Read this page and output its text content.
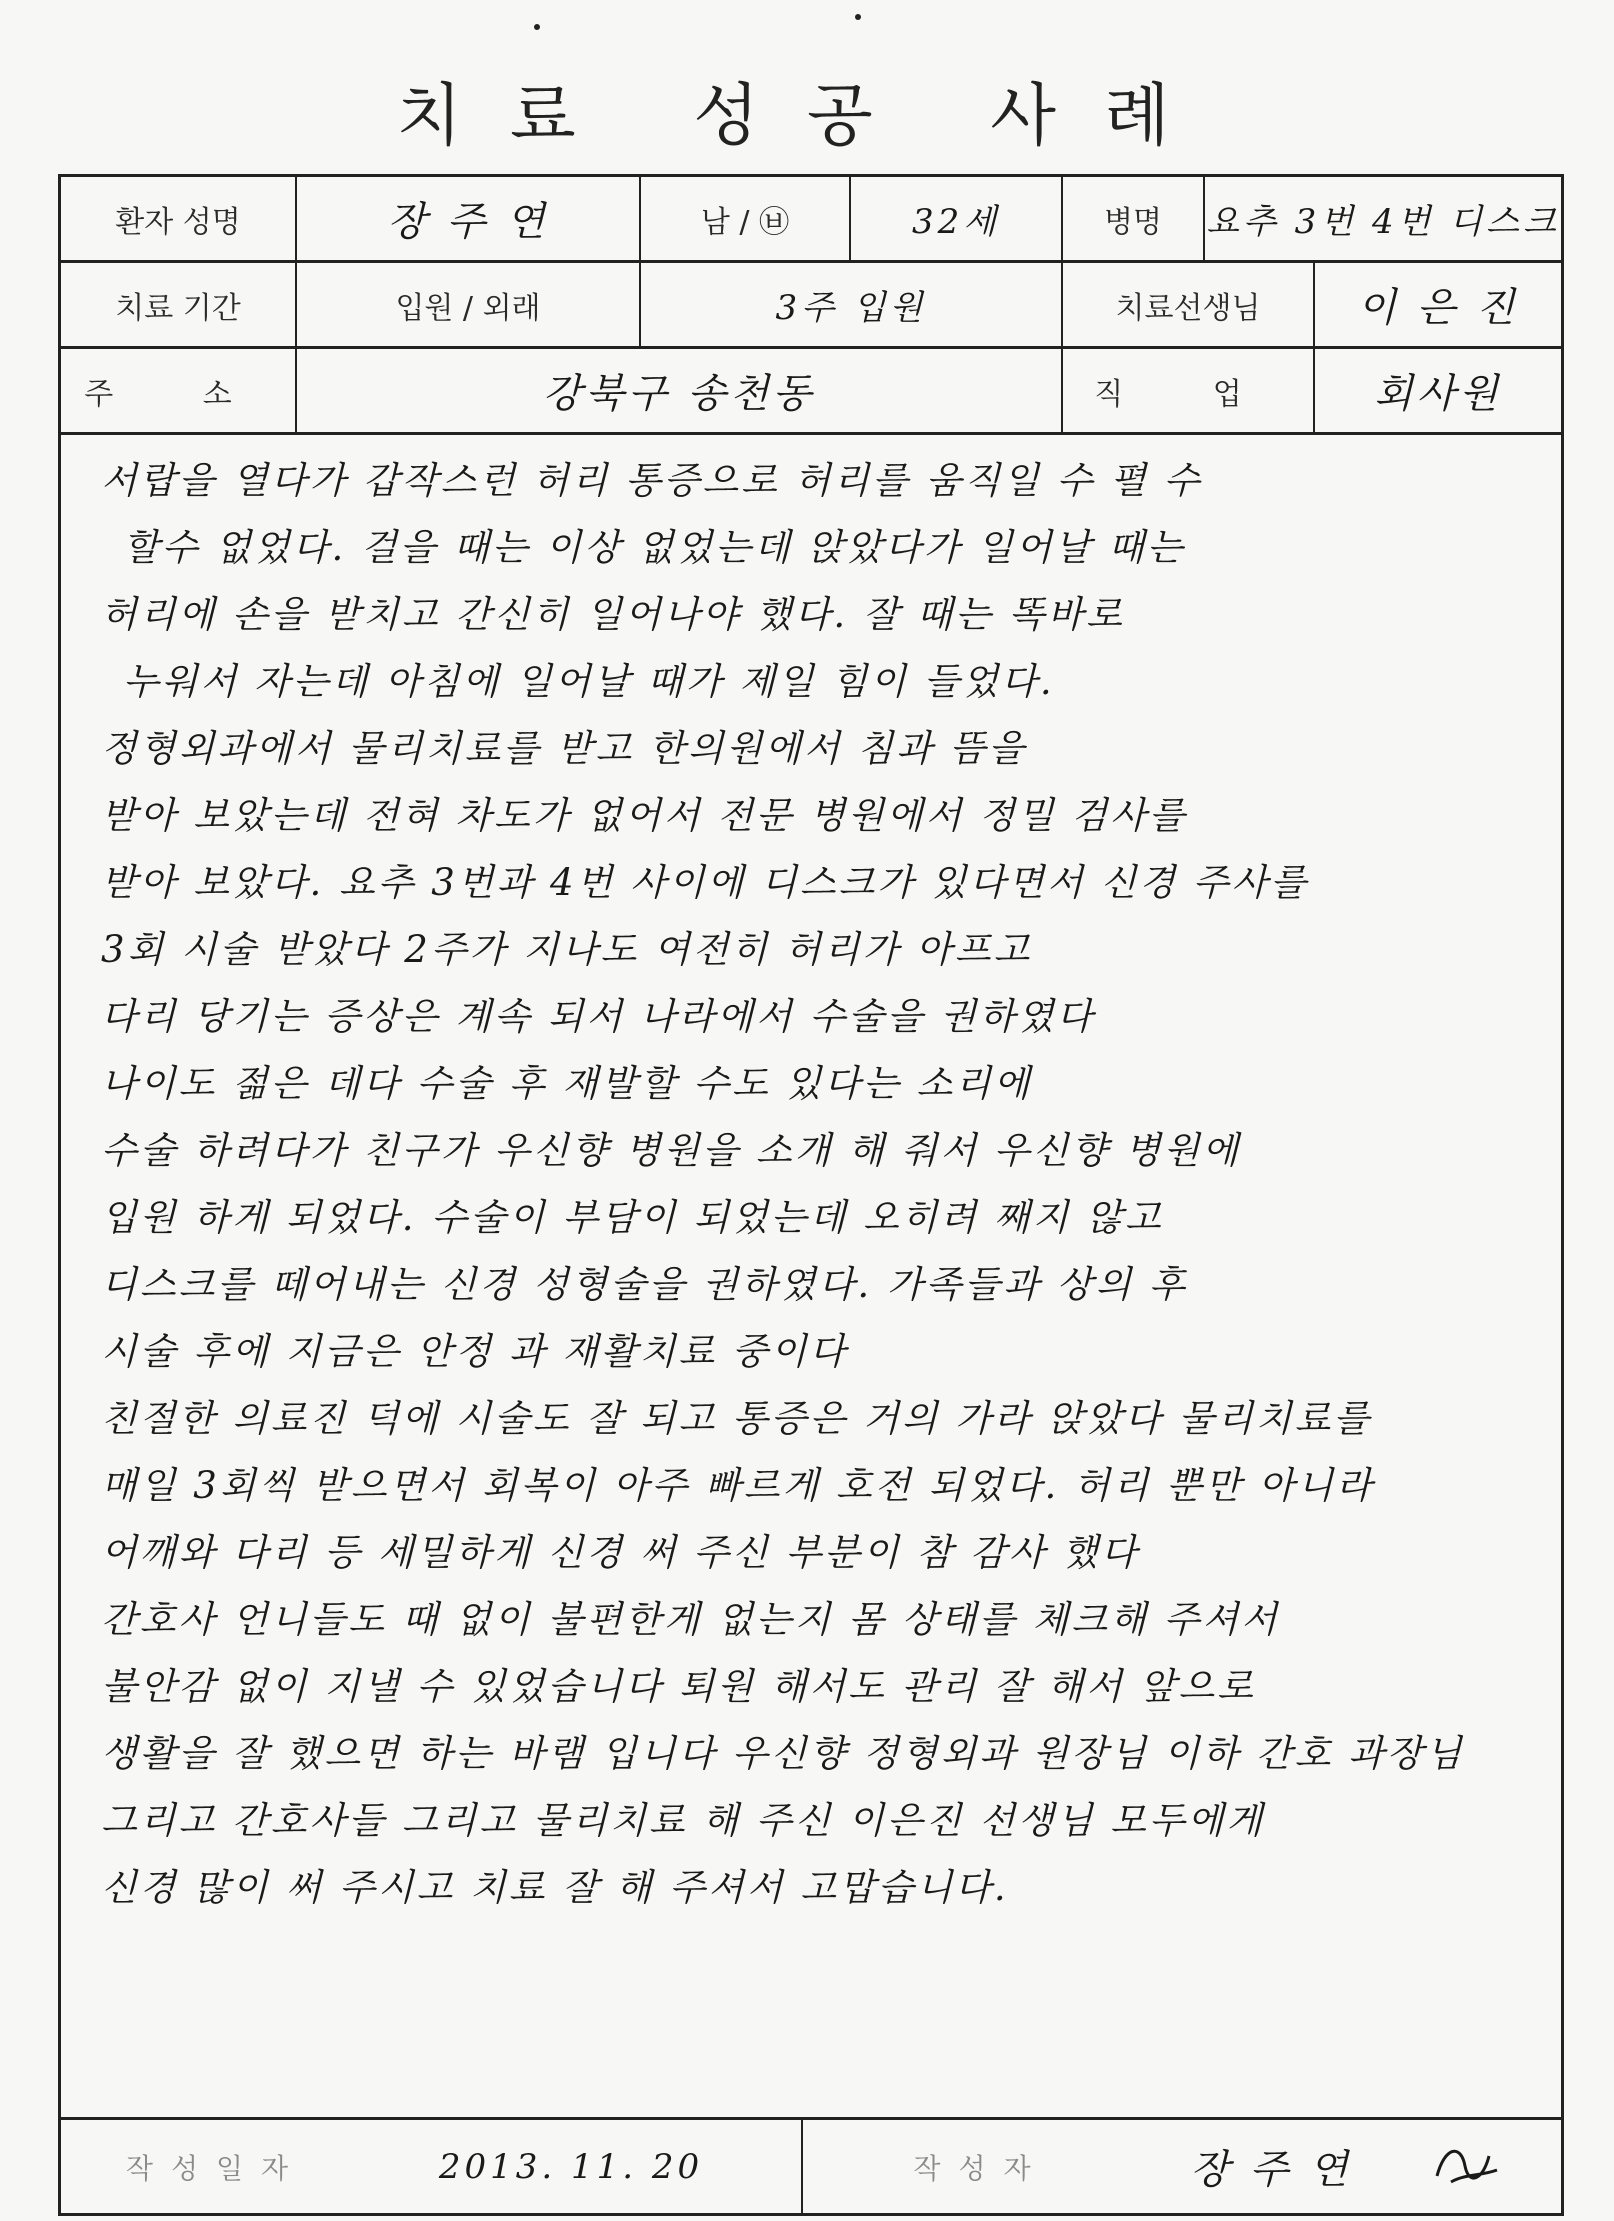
치료 성공 사례
환자 성명	장 주 연	남 / ㉥	32세	병명	요추 3번 4번 디스크
치료 기간	입원 / 외래	3주 입원	치료선생님	이 은 진
주 소	강북구 송천동	직 업	회사원
서랍을 열다가 갑작스런 허리 통증으로 허리를 움직일 수 펼 수
할수 없었다. 걸을 때는 이상 없었는데 앉았다가 일어날 때는
허리에 손을 받치고 간신히 일어나야 했다. 잘 때는 똑바로
누워서 자는데 아침에 일어날 때가 제일 힘이 들었다.
정형외과에서 물리치료를 받고 한의원에서 침과 뜸을
받아 보았는데 전혀 차도가 없어서 전문 병원에서 정밀 검사를
받아 보았다. 요추 3번과 4번 사이에 디스크가 있다면서 신경 주사를
3회 시술 받았다 2주가 지나도 여전히 허리가 아프고
다리 당기는 증상은 계속 되서 나라에서 수술을 권하였다
나이도 젊은 데다 수술 후 재발할 수도 있다는 소리에
수술 하려다가 친구가 우신향 병원을 소개 해 줘서 우신향 병원에
입원 하게 되었다. 수술이 부담이 되었는데 오히려 째지 않고
디스크를 떼어내는 신경 성형술을 권하였다. 가족들과 상의 후
시술 후에 지금은 안정 과 재활치료 중이다
친절한 의료진 덕에 시술도 잘 되고 통증은 거의 가라 앉았다 물리치료를
매일 3회씩 받으면서 회복이 아주 빠르게 호전 되었다. 허리 뿐만 아니라
어깨와 다리 등 세밀하게 신경 써 주신 부분이 참 감사 했다
간호사 언니들도 때 없이 불편한게 없는지 몸 상태를 체크해 주셔서
불안감 없이 지낼 수 있었습니다 퇴원 해서도 관리 잘 해서 앞으로
생활을 잘 했으면 하는 바램 입니다 우신향 정형외과 원장님 이하 간호 과장님
그리고 간호사들 그리고 물리치료 해 주신 이은진 선생님 모두에게
신경 많이 써 주시고 치료 잘 해 주셔서 고맙습니다.
작성일자	2013. 11. 20	작성자	장 주 연
